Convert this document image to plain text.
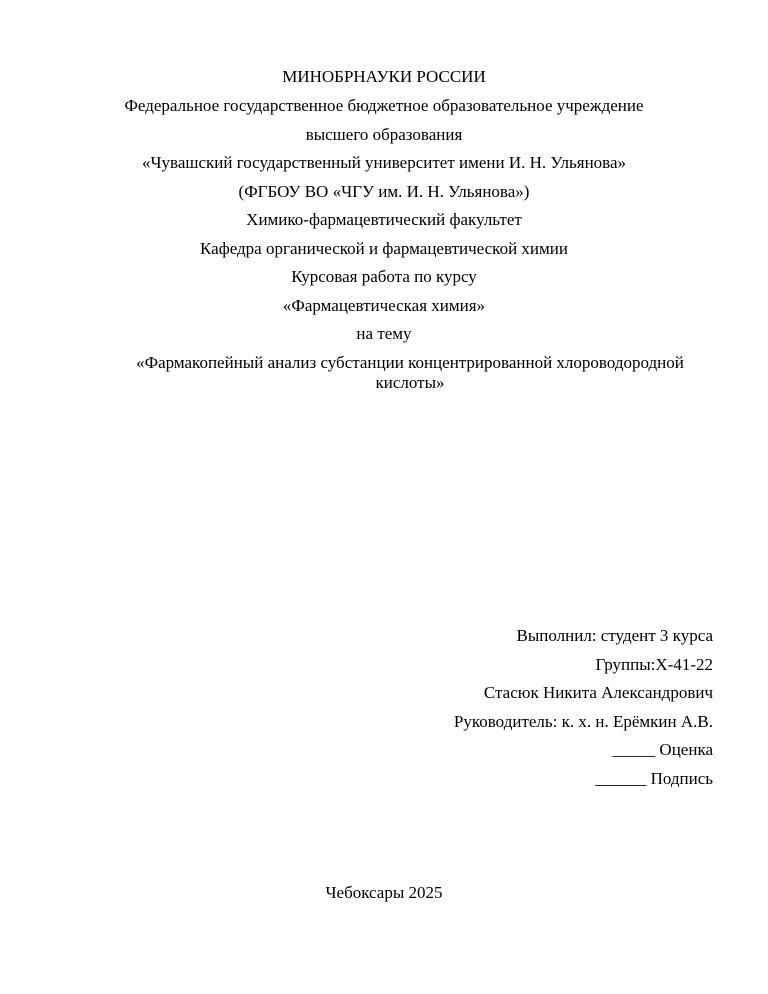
МИНОБРНАУКИ РОССИИ
Федеральное государственное бюджетное образовательное учреждение
высшего образования
«Чувашский государственный университет имени И. Н. Ульянова»
(ФГБОУ ВО «ЧГУ им. И. Н. Ульянова»)
Химико-фармацевтический факультет
Кафедра органической и фармацевтической химии
Курсовая работа по курсу
«Фармацевтическая химия»
на тему
«Фармакопейный анализ субстанции концентрированной хлороводородной кислоты»
Выполнил: студент 3 курса
Группы:Х-41-22
Стасюк Никита Александрович
Руководитель: к. х. н. Ерёмкин А.В.
_____ Оценка
______ Подпись
Чебоксары 2025
